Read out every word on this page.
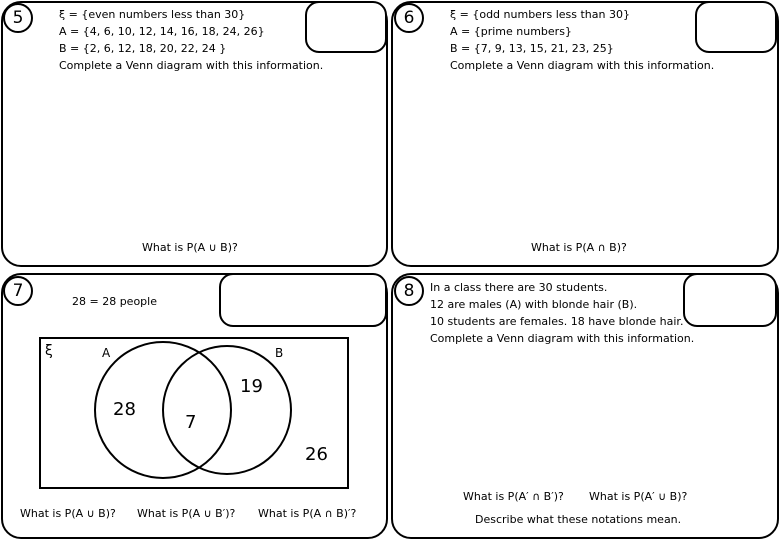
5	ξ = {even numbers less than 30}
A = {4, 6, 10, 12, 14, 16, 18, 24, 26}
B = {2, 6, 12, 18, 20, 22, 24 }
Complete a Venn diagram with this information.
What is P(A ∪ B)?
6	ξ = {odd numbers less than 30}
A = {prime numbers}
B = {7, 9, 13, 15, 21, 23, 25}
Complete a Venn diagram with this information.
What is P(A ∩ B)?
7
28 = 28 people
ξ	A	B
28
7
19
26
What is P(A ∪ B)? What is P(A ∪ B′)? What is P(A ∩ B)′?
In a class there are 30 students.
12 are males (A) with blonde hair (B).
10 students are females. 18 have blonde hair.
Complete a Venn diagram with this information.
8
What is P(A′ ∩ B′)? What is P(A′ ∪ B)?
Describe what these notations mean.
